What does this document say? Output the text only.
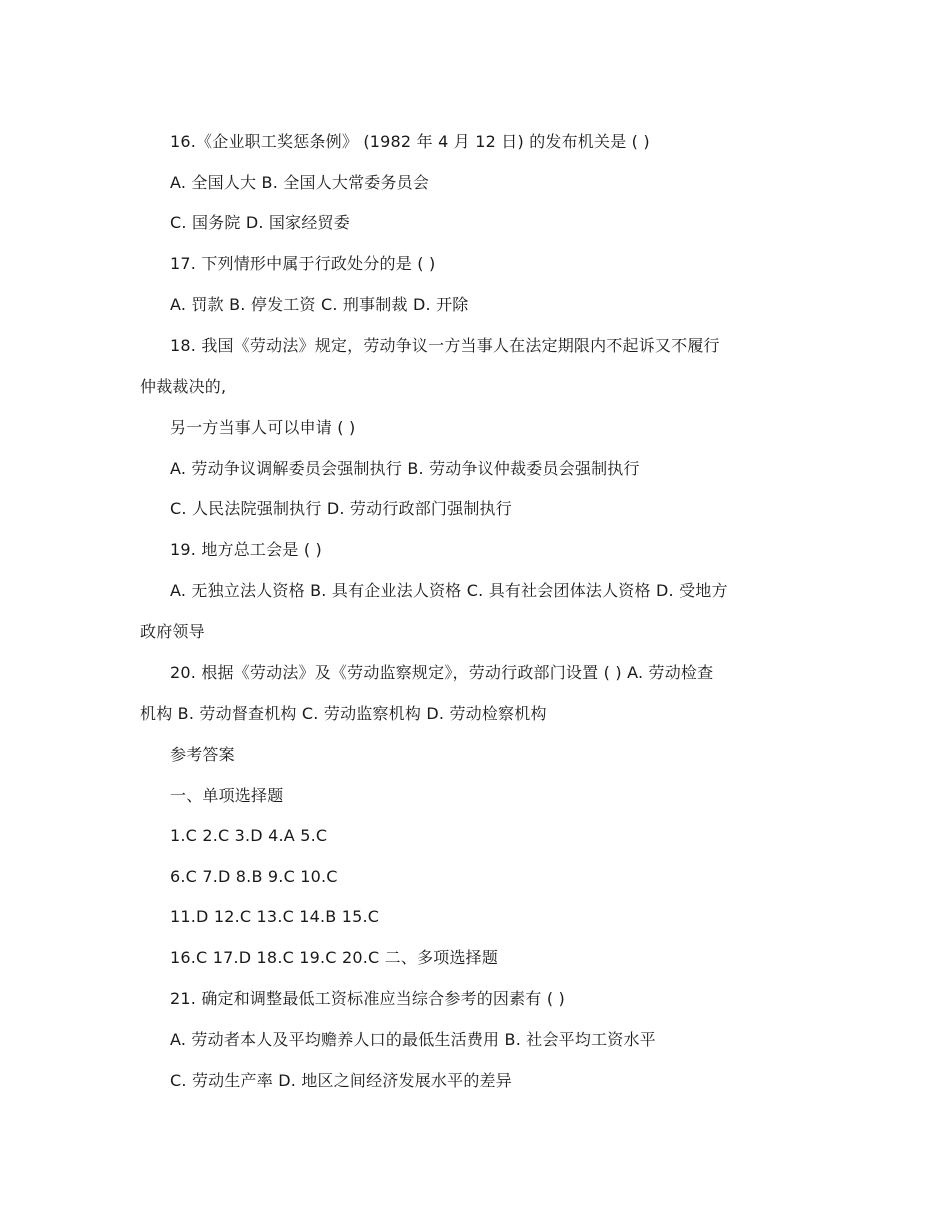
16.《企业职工奖惩条例》 (1982 年 4 月 12 日) 的发布机关是 ( )
A. 全国人大 B. 全国人大常委务员会
C. 国务院 D. 国家经贸委
17. 下列情形中属于行政处分的是 ( )
A. 罚款 B. 停发工资 C. 刑事制裁 D. 开除
18. 我国《劳动法》规定，劳动争议一方当事人在法定期限内不起诉又不履行
仲裁裁决的,
另一方当事人可以申请 ( )
A. 劳动争议调解委员会强制执行 B. 劳动争议仲裁委员会强制执行
C. 人民法院强制执行 D. 劳动行政部门强制执行
19. 地方总工会是 ( )
A. 无独立法人资格 B. 具有企业法人资格 C. 具有社会团体法人资格 D. 受地方
政府领导
20. 根据《劳动法》及《劳动监察规定》，劳动行政部门设置 ( ) A. 劳动检查
机构 B. 劳动督查机构 C. 劳动监察机构 D. 劳动检察机构
参考答案
一、单项选择题
1.C 2.C 3.D 4.A 5.C
6.C 7.D 8.B 9.C 10.C
11.D 12.C 13.C 14.B 15.C
16.C 17.D 18.C 19.C 20.C 二、多项选择题
21. 确定和调整最低工资标准应当综合参考的因素有 ( )
A. 劳动者本人及平均赡养人口的最低生活费用 B. 社会平均工资水平
C. 劳动生产率 D. 地区之间经济发展水平的差异
